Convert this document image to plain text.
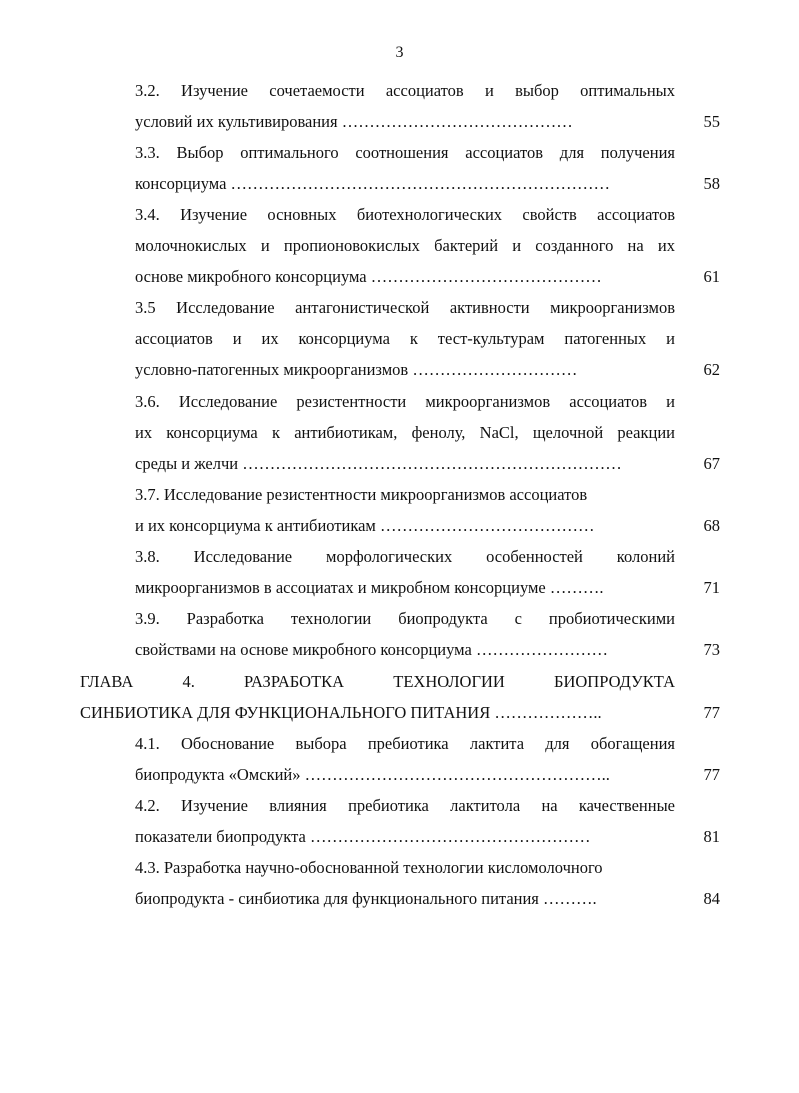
3
3.2. Изучение сочетаемости ассоциатов и выбор оптимальных
условий их культивирования ……………………………………	55
3.3. Выбор оптимального соотношения ассоциатов для получения
консорциума ……………………………………………………………	58
3.4. Изучение основных биотехнологических свойств ассоциатов
молочнокислых и пропионовокислых бактерий и созданного на их
основе микробного консорциума ……………………………………	61
3.5 Исследование антагонистической активности микроорганизмов
ассоциатов и их консорциума к тест-культурам патогенных и
условно-патогенных микроорганизмов …………………………	62
3.6. Исследование резистентности микроорганизмов ассоциатов и
их консорциума к антибиотикам, фенолу, NaCl, щелочной реакции
среды и желчи ……………………………………………………………	67
3.7. Исследование резистентности микроорганизмов ассоциатов
и их консорциума к антибиотикам …………………………………	68
3.8. Исследование морфологических особенностей колоний
микроорганизмов в ассоциатах и микробном консорциуме ……….	71
3.9. Разработка технологии биопродукта с пробиотическими
свойствами на основе микробного консорциума ……………………	73
ГЛАВА 4. РАЗРАБОТКА ТЕХНОЛОГИИ БИОПРОДУКТА
СИНБИОТИКА ДЛЯ ФУНКЦИОНАЛЬНОГО ПИТАНИЯ ………………..	77
4.1. Обоснование выбора пребиотика лактита для обогащения
биопродукта «Омский» ………………………………………………..	77
4.2. Изучение влияния пребиотика лактитола на качественные
показатели биопродукта ……………………………………………	81
4.3. Разработка научно-обоснованной технологии кисломолочного
биопродукта - синбиотика для функционального питания ……….	84
